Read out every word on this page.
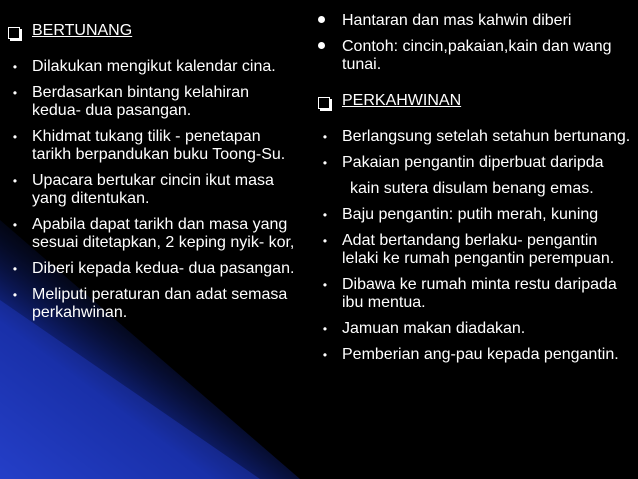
BERTUNANG
• Dilakukan mengikut kalendar cina.
• Berdasarkan bintang kelahiran kedua- dua pasangan.
• Khidmat tukang tilik - penetapan tarikh berpandukan buku Toong-Su.
• Upacara bertukar cincin ikut masa yang ditentukan.
• Apabila dapat tarikh dan masa yang sesuai ditetapkan, 2 keping nyik- kor,
• Diberi kepada kedua- dua pasangan.
• Meliputi peraturan dan adat semasa perkahwinan.
Hantaran dan mas kahwin diberi
Contoh: cincin,pakaian,kain dan wang tunai.
PERKAHWINAN
• Berlangsung setelah setahun bertunang.
• Pakaian pengantin diperbuat daripda
kain sutera disulam benang emas.
• Baju pengantin: putih merah, kuning
• Adat bertandang berlaku- pengantin lelaki ke rumah pengantin perempuan.
• Dibawa ke rumah minta restu daripada ibu mentua.
• Jamuan makan diadakan.
• Pemberian ang-pau kepada pengantin.
